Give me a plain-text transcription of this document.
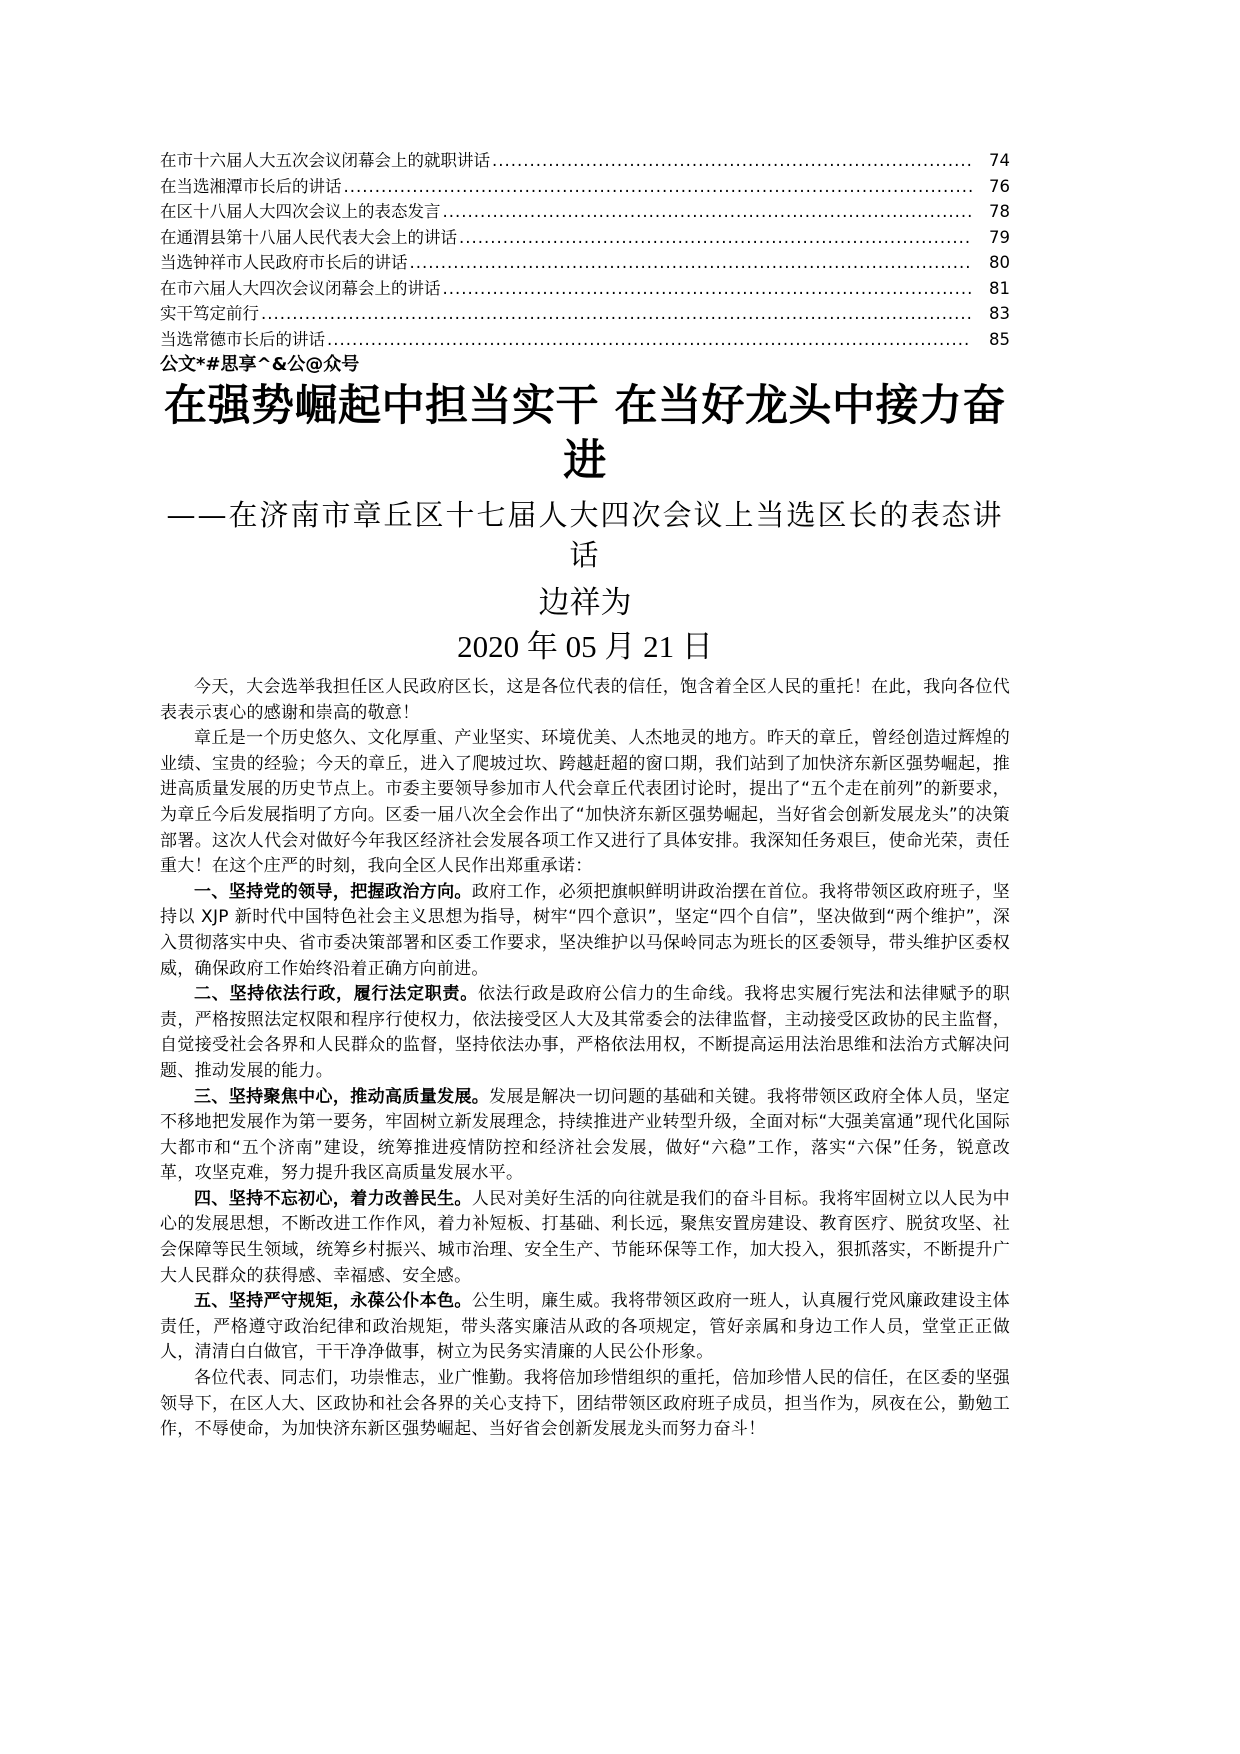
在市十六届人大五次会议闭幕会上的就职讲话 .....	74
在当选湘潭市长后的讲话 .....	76
在区十八届人大四次会议上的表态发言 .....	78
在通渭县第十八届人民代表大会上的讲话 .....	79
当选钟祥市人民政府市长后的讲话 .....	80
在市六届人大四次会议闭幕会上的讲话 .....	81
实干笃定前行 .....	83
当选常德市长后的讲话 .....	85
公文*#思享^&公@众号
在强势崛起中担当实干 在当好龙头中接力奋进
——在济南市章丘区十七届人大四次会议上当选区长的表态讲话
边祥为
2020 年 05 月 21 日

今天，大会选举我担任区人民政府区长，这是各位代表的信任，饱含着全区人民的重托！在此，我向各位代表表示衷心的感谢和崇高的敬意！

章丘是一个历史悠久、文化厚重、产业坚实、环境优美、人杰地灵的地方。昨天的章丘，曾经创造过辉煌的业绩、宝贵的经验；今天的章丘，进入了爬坡过坎、跨越赶超的窗口期，我们站到了加快济东新区强势崛起，推进高质量发展的历史节点上。市委主要领导参加市人代会章丘代表团讨论时，提出了“五个走在前列”的新要求，为章丘今后发展指明了方向。区委一届八次全会作出了“加快济东新区强势崛起，当好省会创新发展龙头”的决策部署。这次人代会对做好今年我区经济社会发展各项工作又进行了具体安排。我深知任务艰巨，使命光荣，责任重大！在这个庄严的时刻，我向全区人民作出郑重承诺：

一、坚持党的领导，把握政治方向。政府工作，必须把旗帜鲜明讲政治摆在首位。我将带领区政府班子，坚持以 XJP 新时代中国特色社会主义思想为指导，树牢“四个意识”，坚定“四个自信”，坚决做到“两个维护”，深入贯彻落实中央、省市委决策部署和区委工作要求，坚决维护以马保岭同志为班长的区委领导，带头维护区委权威，确保政府工作始终沿着正确方向前进。

二、坚持依法行政，履行法定职责。依法行政是政府公信力的生命线。我将忠实履行宪法和法律赋予的职责，严格按照法定权限和程序行使权力，依法接受区人大及其常委会的法律监督，主动接受区政协的民主监督，自觉接受社会各界和人民群众的监督，坚持依法办事，严格依法用权，不断提高运用法治思维和法治方式解决问题、推动发展的能力。

三、坚持聚焦中心，推动高质量发展。发展是解决一切问题的基础和关键。我将带领区政府全体人员，坚定不移地把发展作为第一要务，牢固树立新发展理念，持续推进产业转型升级，全面对标“大强美富通”现代化国际大都市和“五个济南”建设，统筹推进疫情防控和经济社会发展，做好“六稳”工作，落实“六保”任务，锐意改革，攻坚克难，努力提升我区高质量发展水平。

四、坚持不忘初心，着力改善民生。人民对美好生活的向往就是我们的奋斗目标。我将牢固树立以人民为中心的发展思想，不断改进工作作风，着力补短板、打基础、利长远，聚焦安置房建设、教育医疗、脱贫攻坚、社会保障等民生领域，统筹乡村振兴、城市治理、安全生产、节能环保等工作，加大投入，狠抓落实，不断提升广大人民群众的获得感、幸福感、安全感。

五、坚持严守规矩，永葆公仆本色。公生明，廉生威。我将带领区政府一班人，认真履行党风廉政建设主体责任，严格遵守政治纪律和政治规矩，带头落实廉洁从政的各项规定，管好亲属和身边工作人员，堂堂正正做人，清清白白做官，干干净净做事，树立为民务实清廉的人民公仆形象。

各位代表、同志们，功崇惟志，业广惟勤。我将倍加珍惜组织的重托，倍加珍惜人民的信任，在区委的坚强领导下，在区人大、区政协和社会各界的关心支持下，团结带领区政府班子成员，担当作为，夙夜在公，勤勉工作，不辱使命，为加快济东新区强势崛起、当好省会创新发展龙头而努力奋斗！
